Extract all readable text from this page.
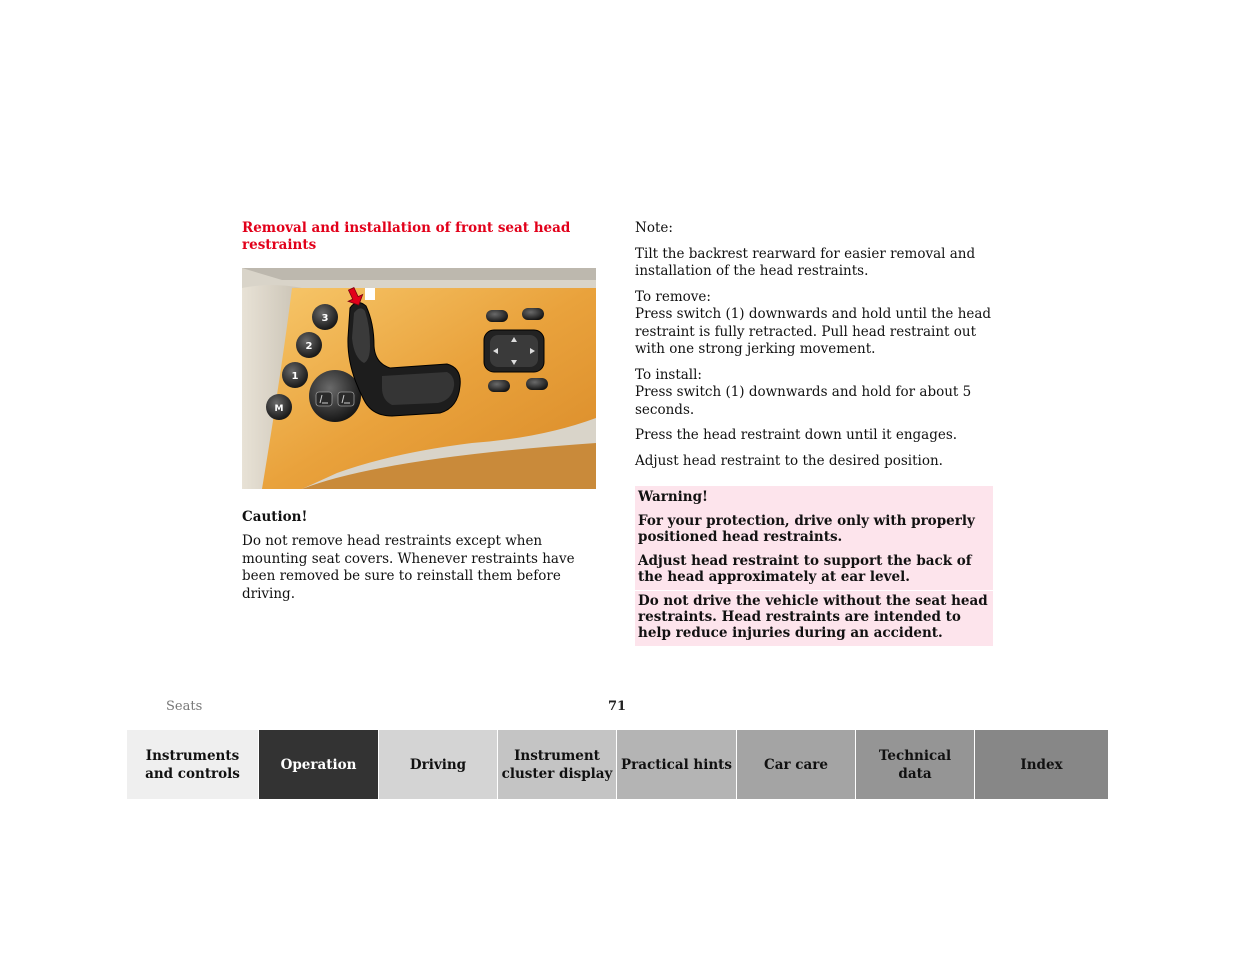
Removal and installation of front seat head restraints
3
2
1
M
Caution!

Do not remove head restraints except when mounting seat covers. Whenever restraints have been removed be sure to reinstall them before driving.

Note:

Tilt the backrest rearward for easier removal and installation of the head restraints.

To remove:
Press switch (1) downwards and hold until the head restraint is fully retracted. Pull head restraint out with one strong jerking movement.

To install:
Press switch (1) downwards and hold for about 5 seconds.

Press the head restraint down until it engages.

Adjust head restraint to the desired position.

Warning!

For your protection, drive only with properly positioned head restraints.

Adjust head restraint to support the back of the head approximately at ear level.

Do not drive the vehicle without the seat head restraints. Head restraints are intended to help reduce injuries during an accident.

Seats	71
Instruments
and controls
Operation	Driving
Instrument
cluster display
Practical hints	Car care
Technical
data
Index
